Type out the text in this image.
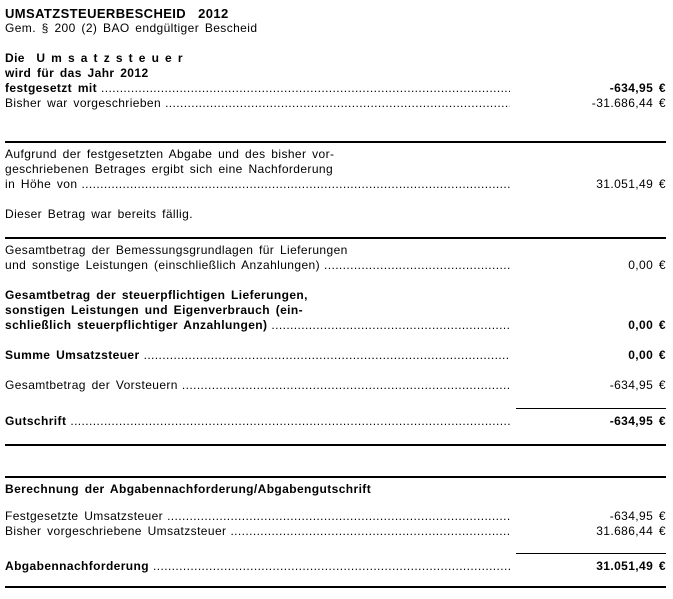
UMSATZSTEUERBESCHEID  2012
Gem. § 200 (2) BAO endgültiger Bescheid
Die  U m s a t z s t e u e r
wird für das Jahr 2012
festgesetzt mit .....	-634,95 €
Bisher war vorgeschrieben .....	-31.686,44 €
Aufgrund der festgesetzten Abgabe und des bisher vor-
geschriebenen Betrages ergibt sich eine Nachforderung
in Höhe von .....	31.051,49 €
Dieser Betrag war bereits fällig.
Gesamtbetrag der Bemessungsgrundlagen für Lieferungen
und sonstige Leistungen (einschließlich Anzahlungen) .....	0,00 €
Gesamtbetrag der steuerpflichtigen Lieferungen,
sonstigen Leistungen und Eigenverbrauch (ein-
schließlich steuerpflichtiger Anzahlungen) .....	0,00 €
Summe Umsatzsteuer .....	0,00 €
Gesamtbetrag der Vorsteuern .....	-634,95 €
Gutschrift .....	-634,95 €
Berechnung der Abgabennachforderung/Abgabengutschrift
Festgesetzte Umsatzsteuer .....	-634,95 €
Bisher vorgeschriebene Umsatzsteuer .....	31.686,44 €
Abgabennachforderung .....	31.051,49 €
